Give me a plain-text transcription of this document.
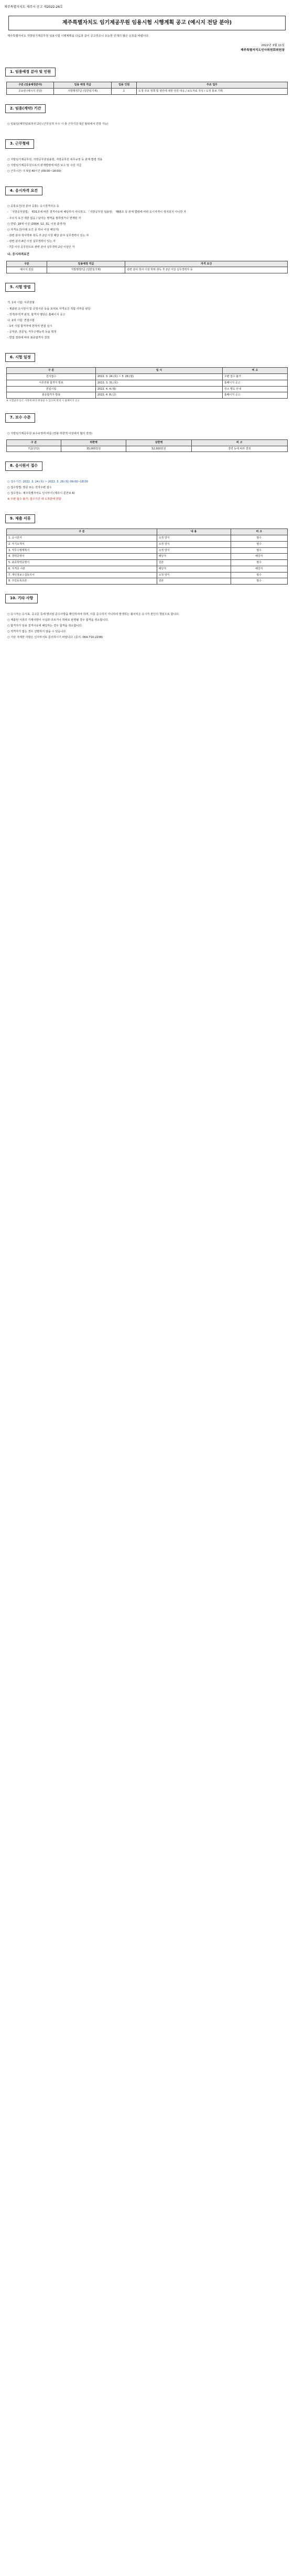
제주특별자치도 제주시 공고 제2022-26호
제주특별자치도 임기제공무원 임용시험 시행계획 공고 (예시지 전담 분야)
제주특별자치도 지방임기제공무원 임용시험 시행계획을 다음과 같이 공고하오니 유능한 인재의 많은 응모를 바랍니다.
2022년 3월 11일
제주특별자치도인사위원회위원장
1. 임용예정 분야 및 인원
구분 (임용예정분야)	임용 예정 직급	임용 인원	주요 업무
공보관 (예시지 전담)	지방행정7급 (일반임기제)	1	도정 주요 정책 및 현안에 대한 언론 대응 / 보도자료 작성 / 도정 홍보 기획
2. 임용(계약) 기간

○ 임용일(계약일)로부터 2년 (근무실적 우수 시 총 근무기간 5년 범위에서 연장 가능)

3. 근무형태

○ 지방임기제공무원, 지방공무원임용령, 지방공무원 복무규정 등 관계 법령 적용

○ 지방임기제공무원으로서 관계법령에 따른 보수 및 수당 지급

○ 근무시간: 주 5일 40시간 (09:00~18:00)

4. 응시자격 요건

○ 공통요건(전 분야 공통): 응시결격사유 등

- 「지방공무원법」 제31조에 따른 결격사유에 해당하지 아니하고, 「지방공무원 임용령」 제65조 등 관계 법령에 따라 응시자격이 정지되지 아니한 자

- 주소지 요건 제한 없음 / 남자는 병역을 필하였거나 면제된 자

○ 연령: 18세 이상 (2004. 12. 31. 이전 출생자)

○ 자격요건(아래 요건 중 하나 이상 해당자)

- 관련 분야 학사학위 취득 후 2년 이상 해당 분야 실무경력이 있는 자

- 관련 분야 4년 이상 실무경력이 있는 자

- 7급 이상 공무원으로 관련 분야 실무경력 2년 이상인 자

나. 응시자격요건
구분	임용예정 직급	자격 요건
예시지 전담	지방행정7급 (일반임기제)	관련 분야 학사 이상 학위 취득 후 2년 이상 실무경력자 등
5. 시험 방법

가. 1차 시험: 서류전형

- 제출된 응시원서 및 증빙서류 등을 토대로 자격요건 적합 여부를 판단

- 적격/부적격 판정, 합격자 명단은 홈페이지 공고

나. 2차 시험: 면접시험

- 1차 시험 합격자에 한하여 면접 실시

- 공직관, 전문성, 직무수행능력 등을 평정

- 면접 결과에 따라 최종합격자 결정

6. 시험 일정
구 분	일 시	비 고
원서접수	2022. 3. 24.(목) ~ 3. 28.(월)	우편 접수 불가
서류전형 합격자 발표	2022. 3. 31.(목)	홈페이지 공고
면접시험	2022. 4. 4.(월)	장소 별도 안내
최종합격자 발표	2022. 4. 8.(금)	홈페이지 공고
※ 시험일정 등은 사정에 따라 변경될 수 있으며 변경 시 홈페이지 공고
7. 보수 수준

○ 지방임기제공무원 보수규정에 따름 (연봉 하한액 이상에서 협의 결정)

구 분	하한액	상한액	비 고
7급(상당)	35,000천원	52,000천원	경력 등에 따라 결정
8. 응시원서 접수

○ 접수기간: 2022. 3. 24.(목) ~ 2022. 3. 28.(월) 09:00~18:00

○ 접수방법: 방문 또는 전자우편 접수

○ 접수장소: 제주특별자치도 인사부서 (제주시 문연로 6)

※ 우편 접수 불가, 접수기간 내 도착분에 한함

9. 제출 서류
구 분	내 용	비 고
1. 응시원서	소정 양식	필수
2. 자기소개서	소정 양식	필수
3. 직무수행계획서	소정 양식	필수
4. 경력증명서	해당자	해당자
5. 최종학력증명서	원본	필수
6. 자격증 사본	해당자	해당자
7. 개인정보수집동의서	소정 양식	필수
8. 주민등록초본	원본	필수
10. 기타 사항

○ 응시자는 응시표, 공고문 등에 명시된 준수사항을 확인하여야 하며, 이를 준수하지 아니하여 발생하는 불이익은 응시자 본인의 책임으로 합니다.

○ 제출된 서류의 기재사항이 사실과 다르거나 허위로 판명될 경우 합격을 취소합니다.

○ 합격자가 임용 결격사유에 해당하는 경우 합격을 취소합니다.

○ 적격자가 없는 경우 선발하지 않을 수 있습니다.

○ 기타 자세한 사항은 인사부서로 문의하시기 바랍니다. (문의: 064-710-2238)
